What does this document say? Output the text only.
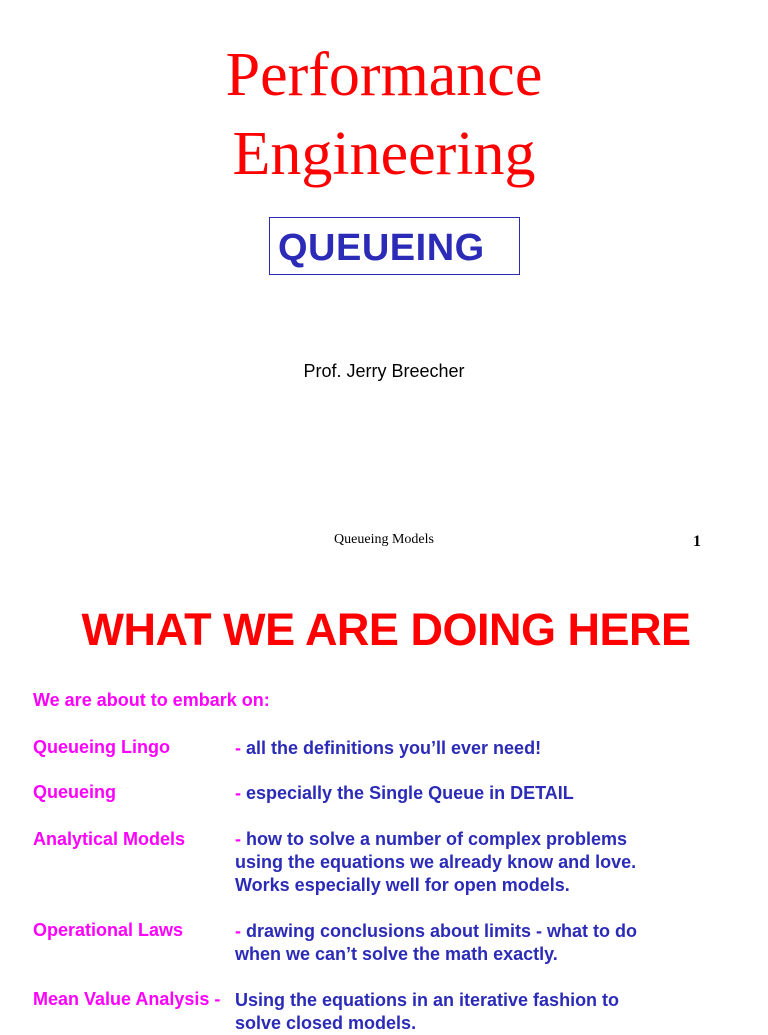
Performance
Engineering
QUEUEING
Prof. Jerry Breecher
Queueing Models	1
WHAT WE ARE DOING HERE
We are about to embark on:
Queueing Lingo	- all the definitions you’ll ever need!
Queueing	- especially the Single Queue in DETAIL
Analytical Models	- how to solve a number of complex problems
using the equations we already know and love.
Works especially well for open models.
Operational Laws	- drawing conclusions about limits - what to do
when we can’t solve the math exactly.
Mean Value Analysis - Using the equations in an iterative fashion to
solve closed models.
